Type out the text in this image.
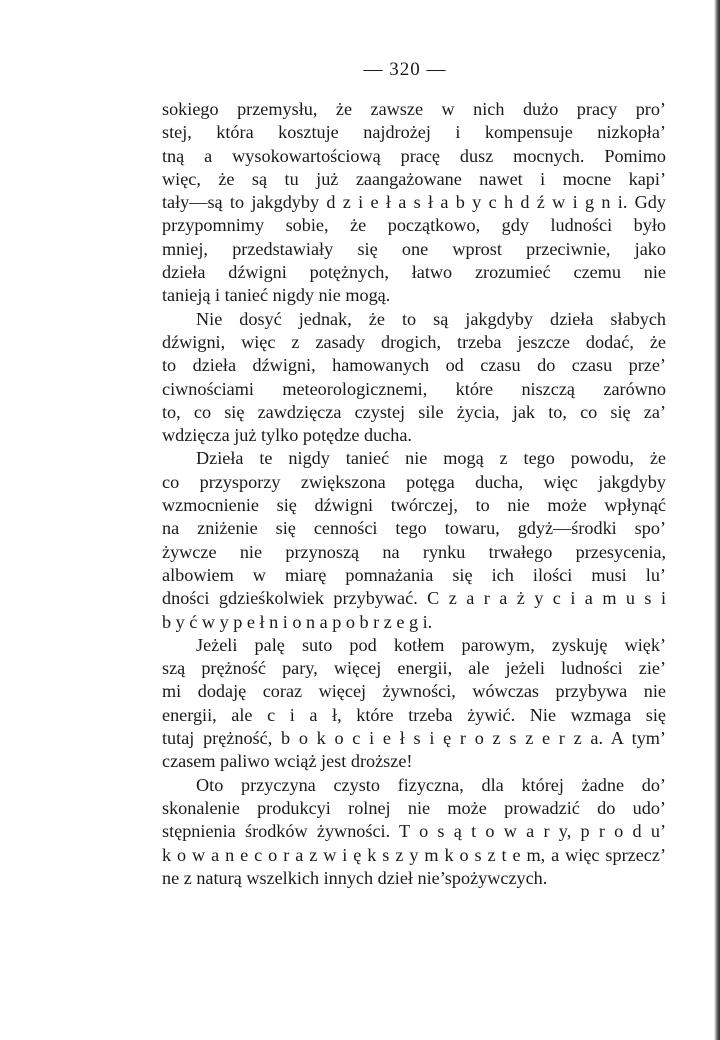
— 320 —
sokiego przemysłu, że zawsze w nich dużo pracy pro’
stej, która kosztuje najdrożej i kompensuje nizkopła’
tną a wysokowartościową pracę dusz mocnych. Pomimo
więc, że są tu już zaangażowane nawet i mocne kapi’
tały—są to jakgdyby d z i e ł a s ł a b y c h d ź w i g n i. Gdy
przypomnimy sobie, że początkowo, gdy ludności było
mniej, przedstawiały się one wprost przeciwnie, jako
dzieła dźwigni potężnych, łatwo zrozumieć czemu nie
tanieją i tanieć nigdy nie mogą.
Nie dosyć jednak, że to są jakgdyby dzieła słabych
dźwigni, więc z zasady drogich, trzeba jeszcze dodać, że
to dzieła dźwigni, hamowanych od czasu do czasu prze’
ciwnościami meteorologicznemi, które niszczą zarówno
to, co się zawdzięcza czystej sile życia, jak to, co się za’
wdzięcza już tylko potędze ducha.
Dzieła te nigdy tanieć nie mogą z tego powodu, że
co przysporzy zwiększona potęga ducha, więc jakgdyby
wzmocnienie się dźwigni twórczej, to nie może wpłynąć
na zniżenie się cenności tego towaru, gdyż—środki spo’
żywcze nie przynoszą na rynku trwałego przesycenia,
albowiem w miarę pomnażania się ich ilości musi lu’
dności gdzieśkolwiek przybywać. C z a r a ż y c i a m u s i
b y ć w y p e ł n i o n a p o b r z e g i.
Jeżeli palę suto pod kotłem parowym, zyskuję więk’
szą prężność pary, więcej energii, ale jeżeli ludności zie’
mi dodaję coraz więcej żywności, wówczas przybywa nie
energii, ale c i a ł, które trzeba żywić. Nie wzmaga się
tutaj prężność, b o k o c i e ł s i ę r o z s z e r z a. A tym’
czasem paliwo wciąż jest droższe!
Oto przyczyna czysto fizyczna, dla której żadne do’
skonalenie produkcyi rolnej nie może prowadzić do udo’
stępnienia środków żywności. T o s ą t o w a r y, p r o d u’
k o w a n e c o r a z w i ę k s z y m k o s z t e m, a więc sprzecz’
ne z naturą wszelkich innych dzieł nie’spożywczych.
